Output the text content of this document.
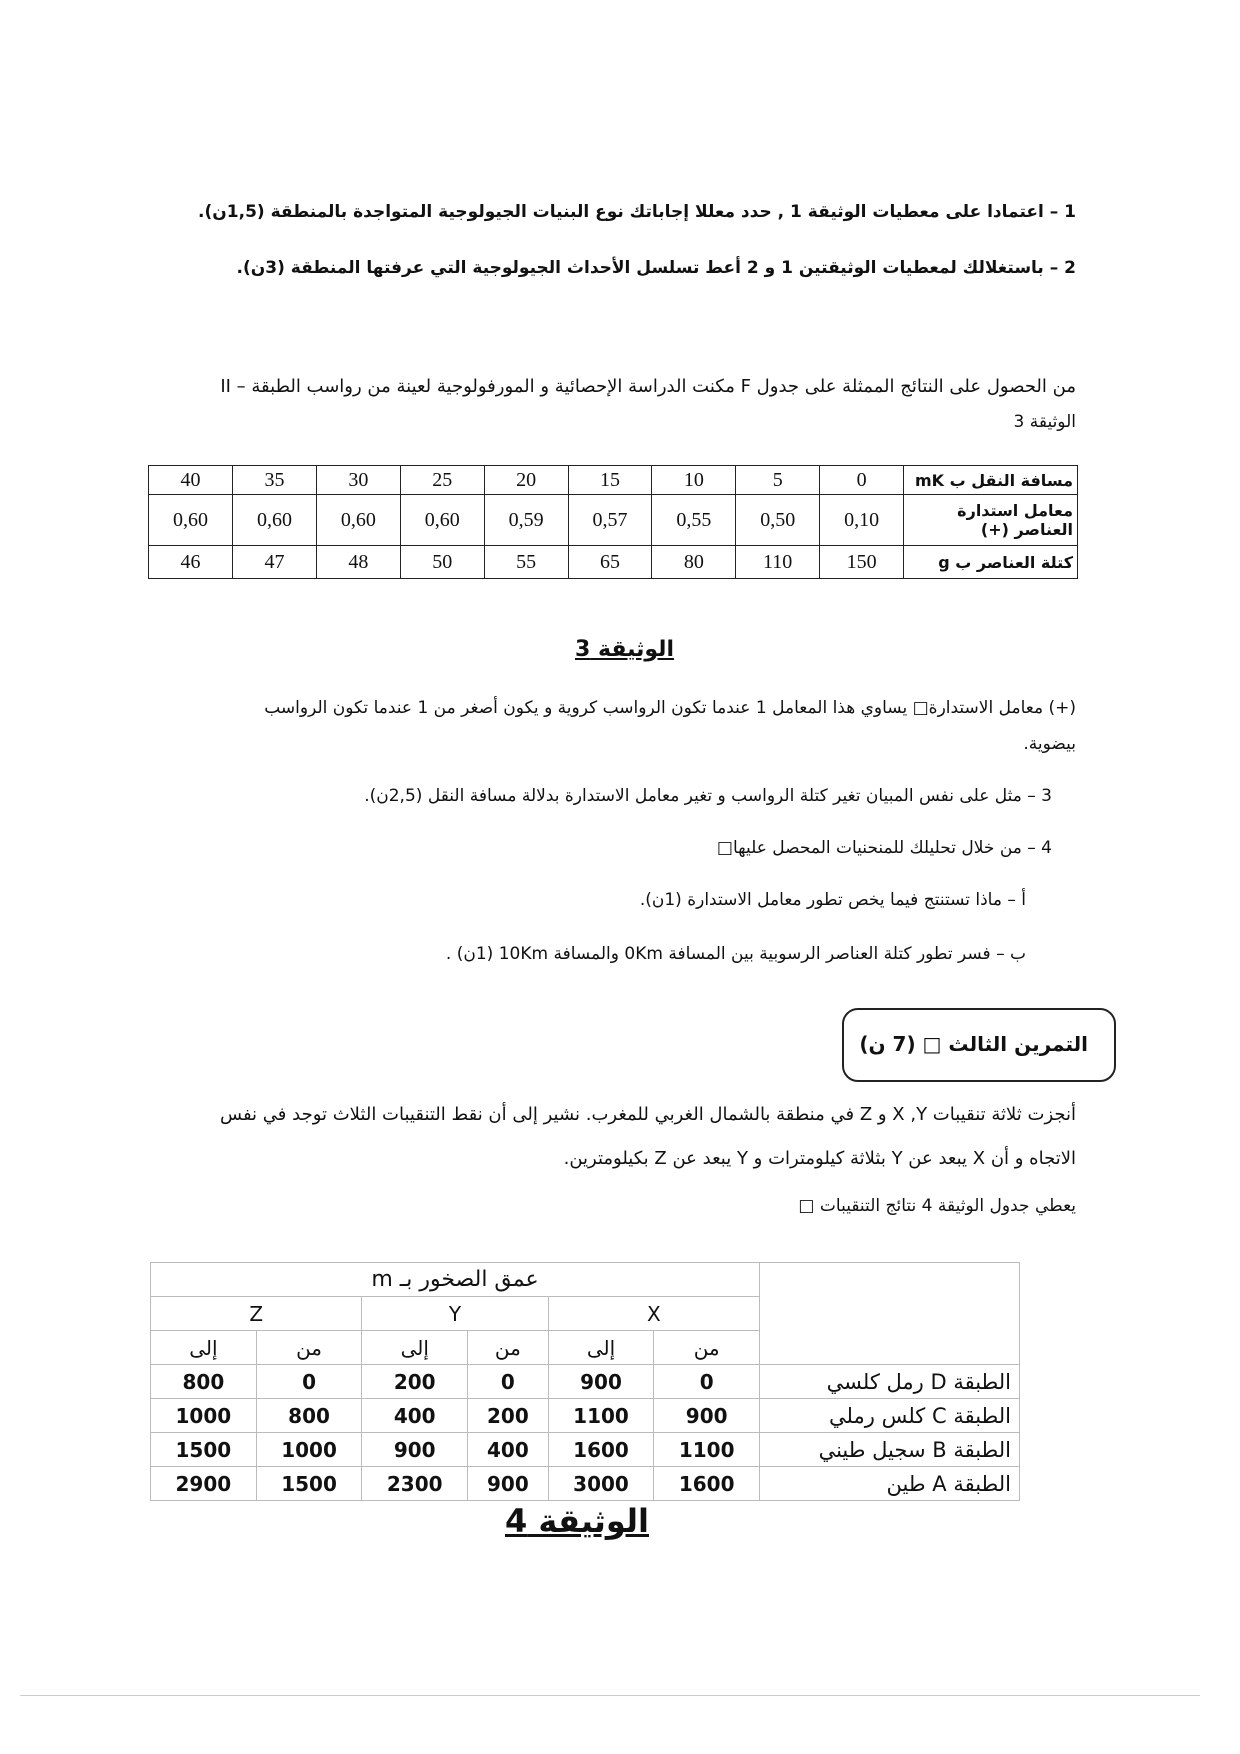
1 – اعتمادا على معطيات الوثيقة 1 , حدد معللا إجاباتك نوع البنيات الجيولوجية المتواجدة بالمنطقة (1,5ن).
2 – باستغلالك لمعطيات الوثيقتين 1 و 2 أعط تسلسل الأحداث الجيولوجية التي عرفتها المنطقة (3ن).
II – مكنت الدراسة الإحصائية و المورفولوجية لعينة من رواسب الطبقة F من الحصول على النتائج الممثلة على جدول
الوثيقة 3
مسافة النقل ب mK	0	5	10	15	20	25	30	35	40
معامل استدارة العناصر (+)	0,10	0,50	0,55	0,57	0,59	0,60	0,60	0,60	0,60
كتلة العناصر ب g	150	110	80	65	55	50	48	47	46
الوثيقة 3
(+) معامل الاستدارة□ يساوي هذا المعامل 1 عندما تكون الرواسب كروية و يكون أصغر من 1 عندما تكون الرواسب
بيضوية.
3 – مثل على نفس المبيان تغير كتلة الرواسب و تغير معامل الاستدارة بدلالة مسافة النقل (2,5ن).
4 – من خلال تحليلك للمنحنيات المحصل عليها□
أ – ماذا تستنتج فيما يخص تطور معامل الاستدارة (1ن).
ب – فسر تطور كتلة العناصر الرسوبية بين المسافة 0Km والمسافة 10Km (1ن) .
التمرين الثالث □ (7 ن)
أنجزت ثلاثة تنقيبات X ,Y و Z في منطقة بالشمال الغربي للمغرب. نشير إلى أن نقط التنقيبات الثلاث توجد في نفس
الاتجاه و أن X يبعد عن Y بثلاثة كيلومترات و Y يبعد عن Z بكيلومترين.
يعطي جدول الوثيقة 4 نتائج التنقيبات □
	عمق الصخور بـ m					
	X		Y		Z	
	من	إلى	من	إلى	من	إلى
الطبقة D رمل كلسي	0	900	0	200	0	800
الطبقة C كلس رملي	900	1100	200	400	800	1000
الطبقة B سجيل طيني	1100	1600	400	900	1000	1500
الطبقة A طين	1600	3000	900	2300	1500	2900
الوثيقة 4
